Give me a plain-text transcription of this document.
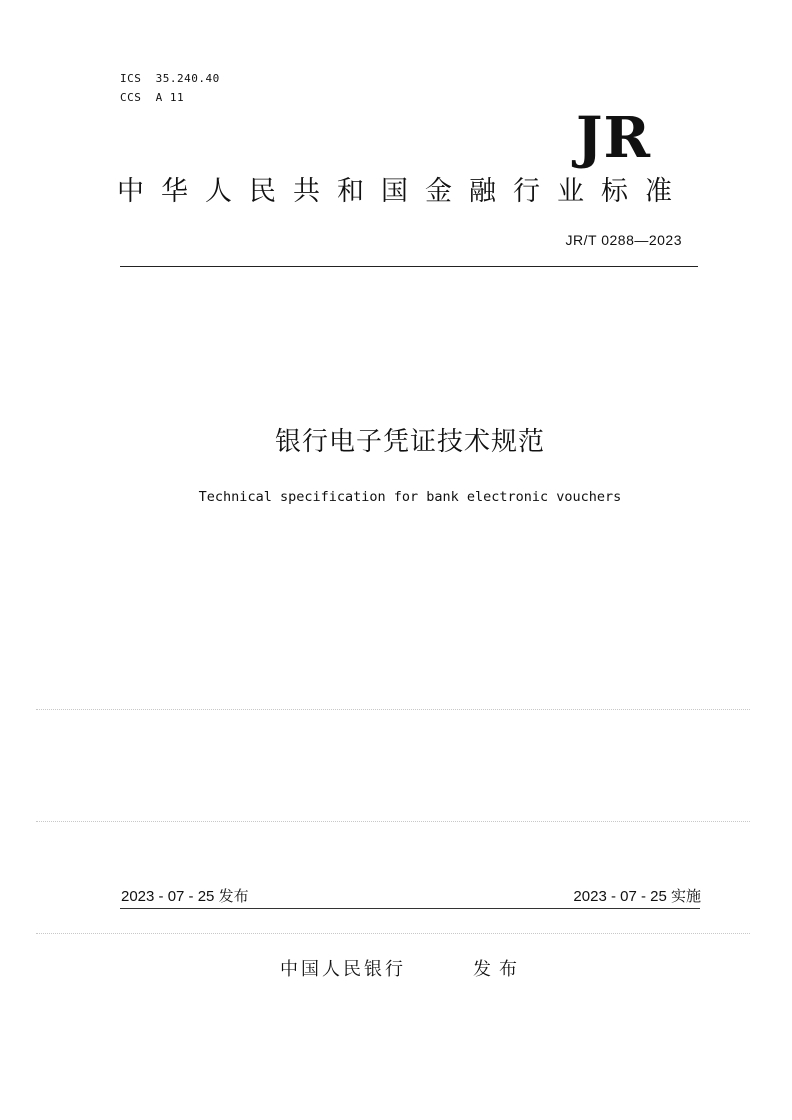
ICS  35.240.40
CCS  A 11
JR
中华人民共和国金融行业标准
JR/T 0288—2023
银行电子凭证技术规范
Technical specification for bank electronic vouchers
2023 - 07 - 25 发布	2023 - 07 - 25 实施
中国人民银行	发布
